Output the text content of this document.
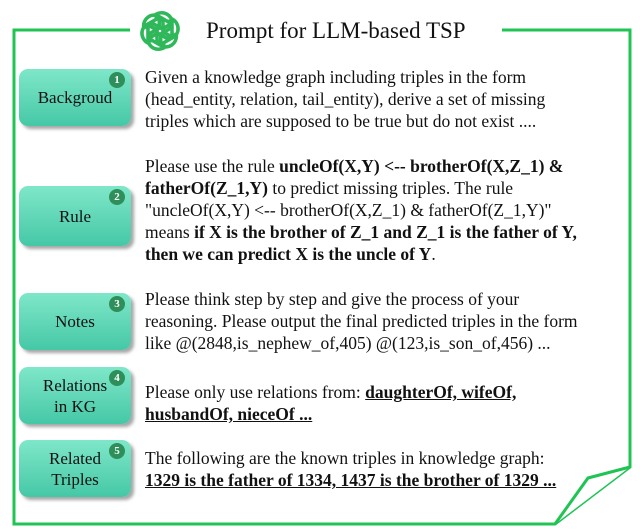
Prompt for LLM-based TSP
1
Backgroud
Given a knowledge graph including triples in the form
(head_entity, relation, tail_entity), derive a set of missing
triples which are supposed to be true but do not exist ....
2
Rule
Please use the rule uncleOf(X,Y) <-- brotherOf(X,Z_1) &
fatherOf(Z_1,Y) to predict missing triples. The rule
"uncleOf(X,Y) <-- brotherOf(X,Z_1) & fatherOf(Z_1,Y)"
means if X is the brother of Z_1 and Z_1 is the father of Y,
then we can predict X is the uncle of Y.
3
Notes
Please think step by step and give the process of your
reasoning. Please output the final predicted triples in the form
like @(2848,is_nephew_of,405) @(123,is_son_of,456) ...
4
Relations
in KG
Please only use relations from: daughterOf, wifeOf,
husbandOf, nieceOf ...
5
Related
Triples
The following are the known triples in knowledge graph:
1329 is the father of 1334, 1437 is the brother of 1329 ...
